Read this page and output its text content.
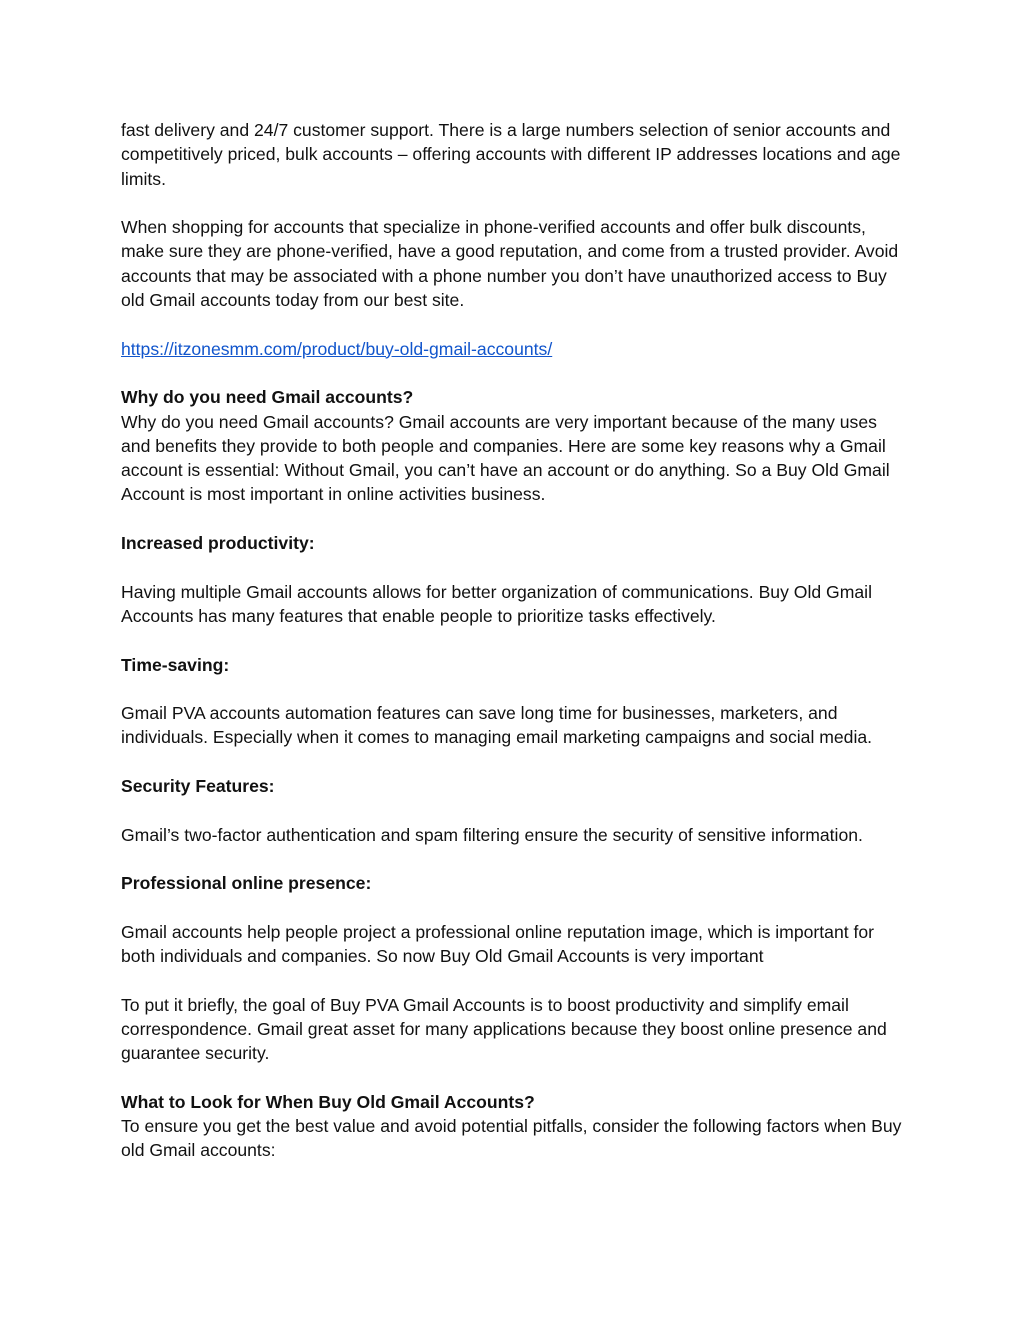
fast delivery and 24/7 customer support. There is a large numbers selection of senior accounts and competitively priced, bulk accounts – offering accounts with different IP addresses locations and age limits.

When shopping for accounts that specialize in phone-verified accounts and offer bulk discounts, make sure they are phone-verified, have a good reputation, and come from a trusted provider. Avoid accounts that may be associated with a phone number you don’t have unauthorized access to Buy old Gmail accounts today from our best site.

https://itzonesmm.com/product/buy-old-gmail-accounts/

Why do you need Gmail accounts?

Why do you need Gmail accounts? Gmail accounts are very important because of the many uses and benefits they provide to both people and companies. Here are some key reasons why a Gmail account is essential: Without Gmail, you can’t have an account or do anything. So a Buy Old Gmail Account is most important in online activities business.

Increased productivity:

Having multiple Gmail accounts allows for better organization of communications. Buy Old Gmail Accounts has many features that enable people to prioritize tasks effectively.

Time-saving:

Gmail PVA accounts automation features can save long time for businesses, marketers, and individuals. Especially when it comes to managing email marketing campaigns and social media.

Security Features:

Gmail’s two-factor authentication and spam filtering ensure the security of sensitive information.

Professional online presence:

Gmail accounts help people project a professional online reputation image, which is important for both individuals and companies. So now Buy Old Gmail Accounts is very important

To put it briefly, the goal of Buy PVA Gmail Accounts is to boost productivity and simplify email correspondence. Gmail great asset for many applications because they boost online presence and guarantee security.

What to Look for When Buy Old Gmail Accounts?

To ensure you get the best value and avoid potential pitfalls, consider the following factors when Buy old Gmail accounts:
